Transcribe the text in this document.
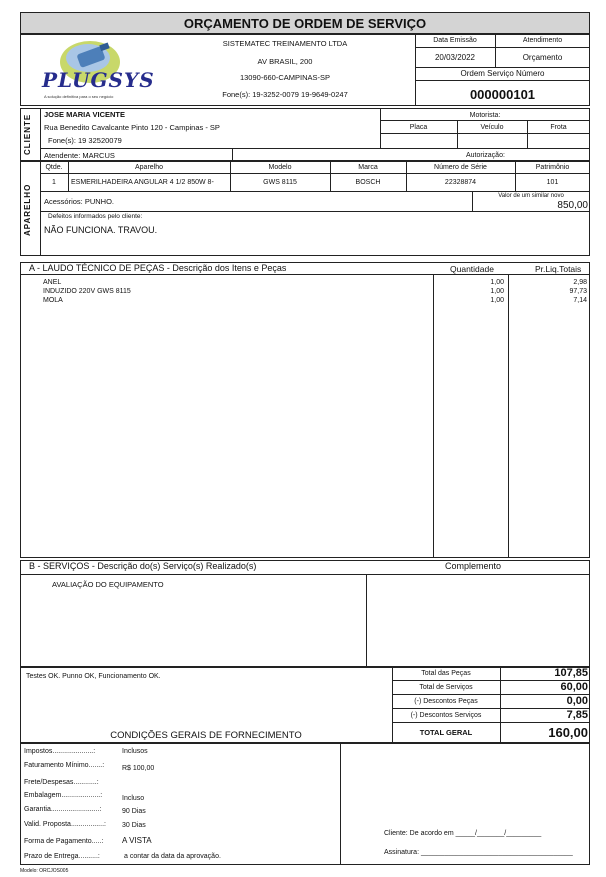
ORÇAMENTO DE ORDEM DE SERVIÇO
PLUGSYS
A solução definitiva para o seu negócio
SISTEMATEC TREINAMENTO LTDA
AV BRASIL, 200
13090-660-CAMPINAS-SP
Fone(s): 19-3252-0079 19-9649-0247
Data Emissão	Atendimento
20/03/2022	Orçamento
Ordem Serviço Número
000000101
CLIENTE	JOSE MARIA VICENTE
Rua Benedito Cavalcante Pinto 120 - Campinas - SP
Fone(s): 19 32520079
Motorista:
Placa	Veículo	Frota
Atendente: MARCUS	Autorização:
APARELHO
Qtde.	Aparelho	Modelo	Marca	Número de Série	Patrimônio
1	ESMERILHADEIRA ANGULAR 4 1/2 850W 8-	GWS 8115	BOSCH	22328874	101
Acessórios: PUNHO.
Valor de um similar novo
850,00
Defeitos informados pelo cliente:
NÃO FUNCIONA. TRAVOU.
A - LAUDO TÉCNICO DE PEÇAS - Descrição dos Itens e Peças	Quantidade	Pr.Liq.Totais
ANEL	1,00	2,98
INDUZIDO 220V GWS 8115	1,00	97,73
MOLA	1,00	7,14
B - SERVIÇOS - Descrição do(s) Serviço(s) Realizado(s)	Complemento
AVALIAÇÃO DO EQUIPAMENTO
Testes OK. Punno OK, Funcionamento OK.	Total das Peças	107,85
Total de Serviços	60,00
(-) Descontos Peças	0,00
(-) Descontos Serviços	7,85
TOTAL GERAL	160,00
CONDIÇÕES GERAIS DE FORNECIMENTO
Impostos.....................:	Inclusos
Faturamento Mínimo.......:	R$ 100,00
Frete/Despesas............:
Embalagem....................:	Incluso
Garantia.........................:	90 Dias
Valid. Proposta.................: 30 Dias
Forma de Pagamento.....: A VISTA
Prazo de Entrega..........:	a contar da data da aprovação.
Cliente: De acordo em _____/_______/_________
Assinatura: _______________________________________
Modelo: ORCJOS005
